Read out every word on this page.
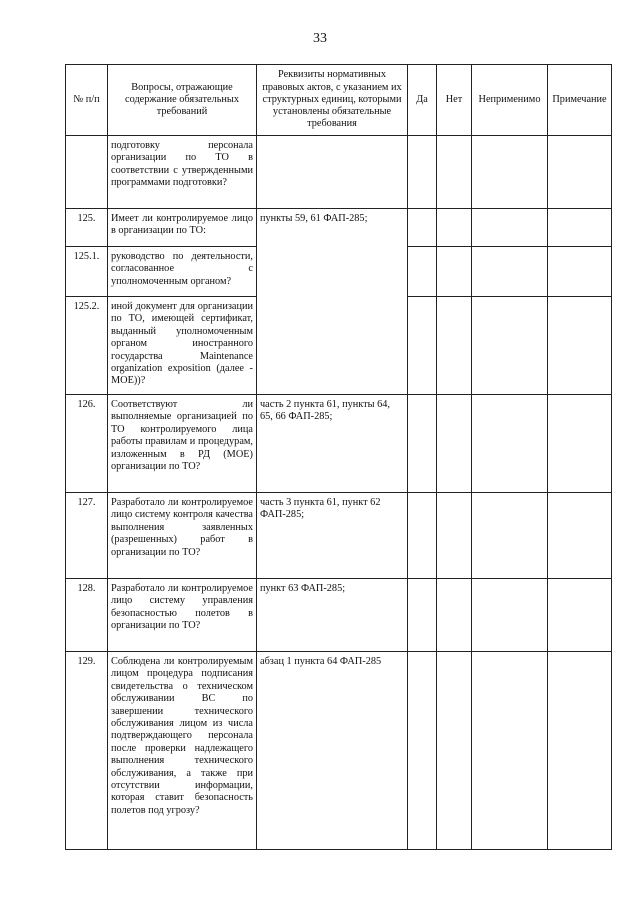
33
№ п/п	Вопросы, отражающие содержание обязательных требований	Реквизиты нормативных правовых актов, с указанием их структурных единиц, которыми установлены обязательные требования	Да	Нет	Неприменимо	Примечание
	подготовку персонала организации по ТО в соответствии с утвержденными программами подготовки?					
125.	Имеет ли контролируемое лицо в организации по ТО:	пункты 59, 61 ФАП-285;				
125.1.	руководство по деятельности, согласованное с уполномоченным органом?					
125.2.	иной документ для организации по ТО, имеющей сертификат, выданный уполномоченным органом иностранного государства Maintenance organization exposition (далее - МОЕ))?					
126.	Соответствуют ли выполняемые организацией по ТО контролируемого лица работы правилам и процедурам, изложенным в РД (МОЕ) организации по ТО?	часть 2 пункта 61, пункты 64, 65, 66 ФАП-285;				
127.	Разработало ли контролируемое лицо систему контроля качества выполнения заявленных (разрешенных) работ в организации по ТО?	часть 3 пункта 61, пункт 62 ФАП-285;				
128.	Разработало ли контролируемое лицо систему управления безопасностью полетов в организации по ТО?	пункт 63 ФАП-285;				
129.	Соблюдена ли контролируемым лицом процедура подписания свидетельства о техническом обслуживании ВС по завершении технического обслуживания лицом из числа подтверждающего персонала после проверки надлежащего выполнения технического обслуживания, а также при отсутствии информации, которая ставит безопасность полетов под угрозу?	абзац 1 пункта 64 ФАП-285				
